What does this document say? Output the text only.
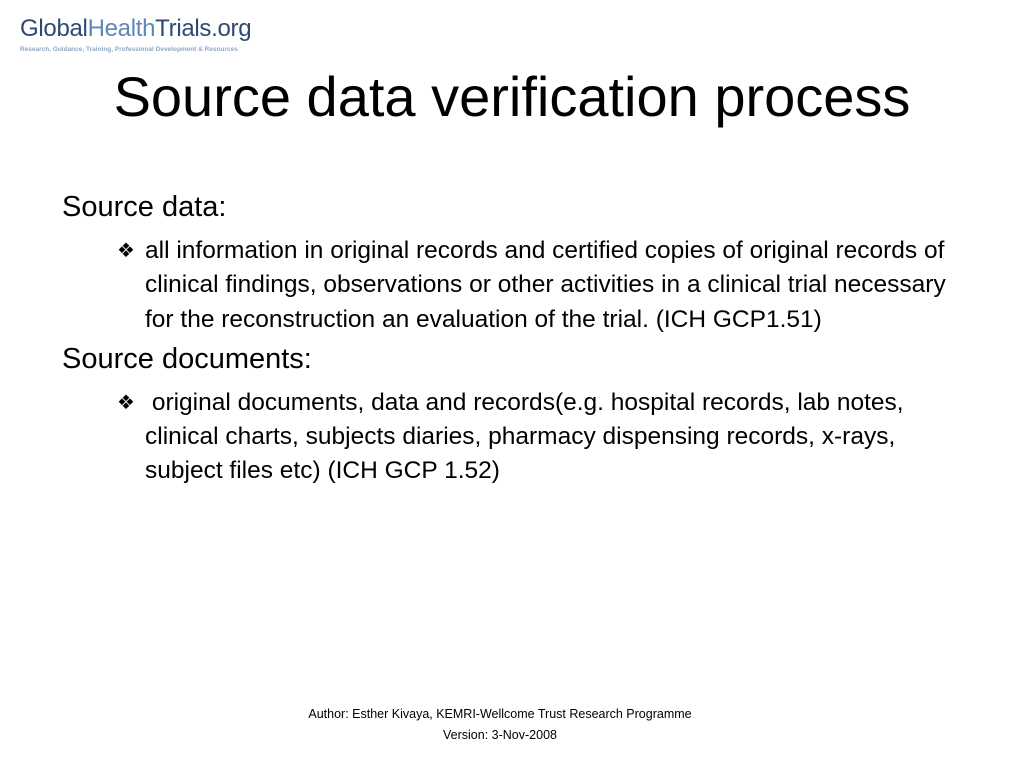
GlobalHealthTrials.org
Research, Guidance, Training, Professional Development & Resources
Source data verification process

Source data:

❖ all information in original records and certified copies of original records of clinical findings, observations or other activities in a clinical trial necessary for the reconstruction an evaluation of the trial. (ICH GCP1.51)

Source documents:

❖ original documents, data and records(e.g. hospital records, lab notes, clinical charts, subjects diaries, pharmacy dispensing records, x-rays, subject files etc) (ICH GCP 1.52)
Author: Esther Kivaya, KEMRI-Wellcome Trust Research Programme
Version: 3-Nov-2008
